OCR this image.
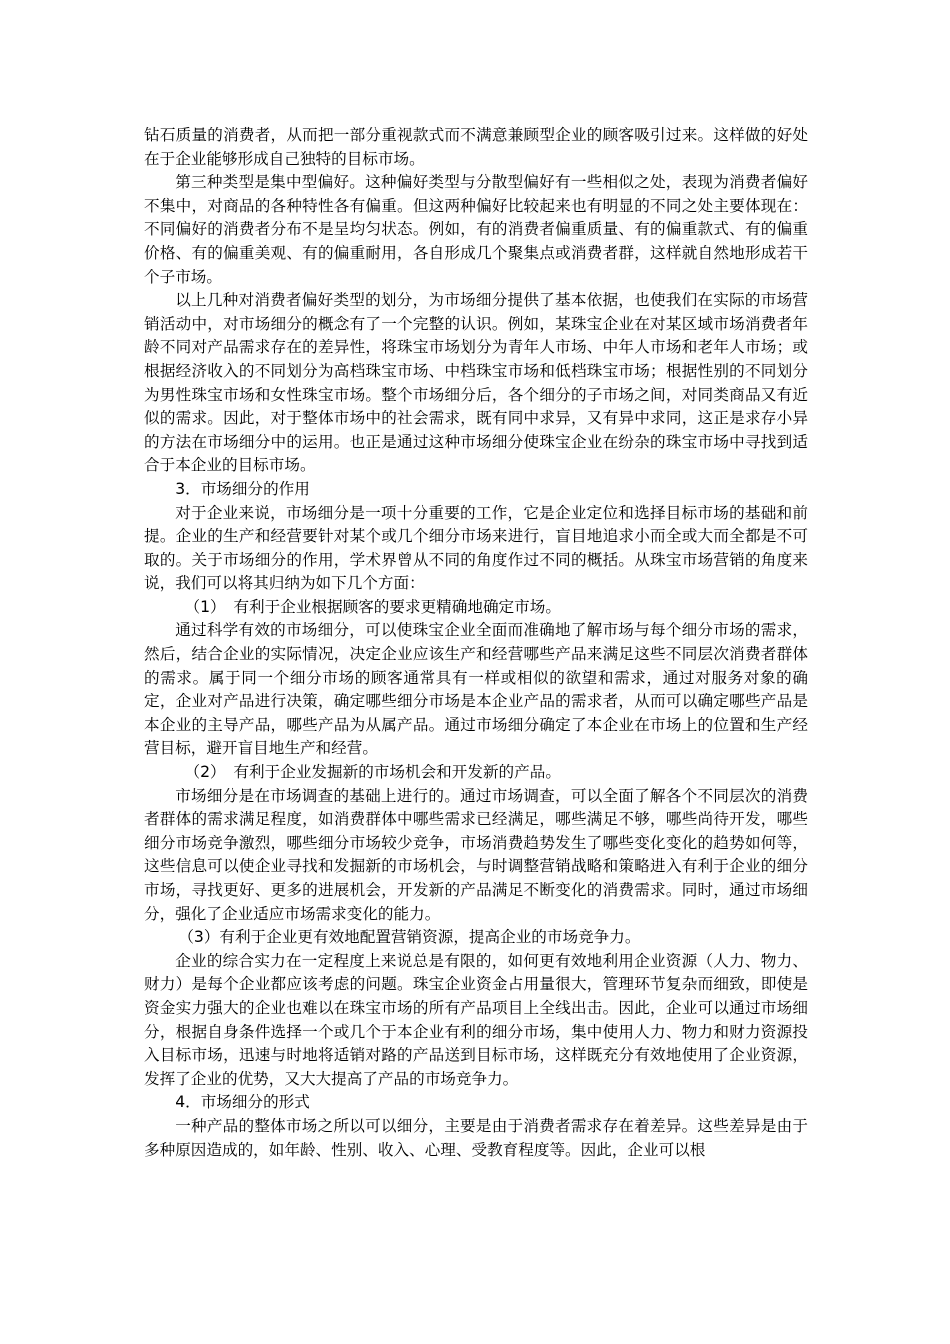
钻石质量的消费者，从而把一部分重视款式而不满意兼顾型企业的顾客吸引过来。这样做的好处在于企业能够形成自己独特的目标市场。

第三种类型是集中型偏好。这种偏好类型与分散型偏好有一些相似之处，表现为消费者偏好不集中，对商品的各种特性各有偏重。但这两种偏好比较起来也有明显的不同之处主要体现在：不同偏好的消费者分布不是呈均匀状态。例如，有的消费者偏重质量、有的偏重款式、有的偏重价格、有的偏重美观、有的偏重耐用，各自形成几个聚集点或消费者群，这样就自然地形成若干个子市场。

以上几种对消费者偏好类型的划分，为市场细分提供了基本依据，也使我们在实际的市场营销活动中，对市场细分的概念有了一个完整的认识。例如，某珠宝企业在对某区域市场消费者年龄不同对产品需求存在的差异性，将珠宝市场划分为青年人市场、中年人市场和老年人市场；或根据经济收入的不同划分为高档珠宝市场、中档珠宝市场和低档珠宝市场；根据性别的不同划分为男性珠宝市场和女性珠宝市场。整个市场细分后，各个细分的子市场之间，对同类商品又有近似的需求。因此，对于整体市场中的社会需求，既有同中求异，又有异中求同，这正是求存小异的方法在市场细分中的运用。也正是通过这种市场细分使珠宝企业在纷杂的珠宝市场中寻找到适合于本企业的目标市场。

3．市场细分的作用

对于企业来说，市场细分是一项十分重要的工作，它是企业定位和选择目标市场的基础和前提。企业的生产和经营要针对某个或几个细分市场来进行，盲目地追求小而全或大而全都是不可取的。关于市场细分的作用，学术界曾从不同的角度作过不同的概括。从珠宝市场营销的角度来说，我们可以将其归纳为如下几个方面：

（1）　有利于企业根据顾客的要求更精确地确定市场。

通过科学有效的市场细分，可以使珠宝企业全面而准确地了解市场与每个细分市场的需求，然后，结合企业的实际情况，决定企业应该生产和经营哪些产品来满足这些不同层次消费者群体的需求。属于同一个细分市场的顾客通常具有一样或相似的欲望和需求，通过对服务对象的确定，企业对产品进行决策，确定哪些细分市场是本企业产品的需求者，从而可以确定哪些产品是本企业的主导产品，哪些产品为从属产品。通过市场细分确定了本企业在市场上的位置和生产经营目标，避开盲目地生产和经营。

（2）　有利于企业发掘新的市场机会和开发新的产品。

市场细分是在市场调查的基础上进行的。通过市场调查，可以全面了解各个不同层次的消费者群体的需求满足程度，如消费群体中哪些需求已经满足，哪些满足不够，哪些尚待开发，哪些细分市场竞争激烈，哪些细分市场较少竞争，市场消费趋势发生了哪些变化变化的趋势如何等，这些信息可以使企业寻找和发掘新的市场机会，与时调整营销战略和策略进入有利于企业的细分市场，寻找更好、更多的进展机会，开发新的产品满足不断变化的消费需求。同时，通过市场细分，强化了企业适应市场需求变化的能力。

（3）有利于企业更有效地配置营销资源，提高企业的市场竞争力。

企业的综合实力在一定程度上来说总是有限的，如何更有效地利用企业资源（人力、物力、财力）是每个企业都应该考虑的问题。珠宝企业资金占用量很大，管理环节复杂而细致，即使是资金实力强大的企业也难以在珠宝市场的所有产品项目上全线出击。因此，企业可以通过市场细分，根据自身条件选择一个或几个于本企业有利的细分市场，集中使用人力、物力和财力资源投入目标市场，迅速与时地将适销对路的产品送到目标市场，这样既充分有效地使用了企业资源，发挥了企业的优势，又大大提高了产品的市场竞争力。

4．市场细分的形式

一种产品的整体市场之所以可以细分，主要是由于消费者需求存在着差异。这些差异是由于多种原因造成的，如年龄、性别、收入、心理、受教育程度等。因此，企业可以根
